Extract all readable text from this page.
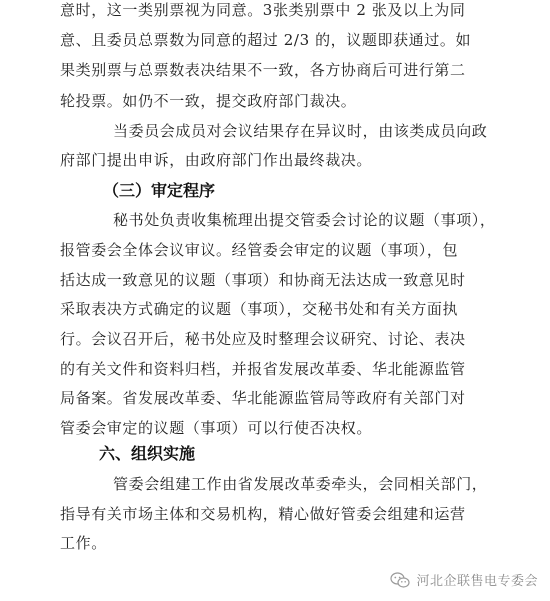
意时，这一类别票视为同意。3张类别票中 2 张及以上为同
意、且委员总票数为同意的超过 2/3 的，议题即获通过。如
果类别票与总票数表决结果不一致，各方协商后可进行第二
轮投票。如仍不一致，提交政府部门裁决。
当委员会成员对会议结果存在异议时，由该类成员向政
府部门提出申诉，由政府部门作出最终裁决。
（三）审定程序
秘书处负责收集梳理出提交管委会讨论的议题（事项），
报管委会全体会议审议。经管委会审定的议题（事项），包
括达成一致意见的议题（事项）和协商无法达成一致意见时
采取表决方式确定的议题（事项），交秘书处和有关方面执
行。会议召开后，秘书处应及时整理会议研究、讨论、表决
的有关文件和资料归档，并报省发展改革委、华北能源监管
局备案。省发展改革委、华北能源监管局等政府有关部门对
管委会审定的议题（事项）可以行使否决权。
六、组织实施
管委会组建工作由省发展改革委牵头，会同相关部门，
指导有关市场主体和交易机构，精心做好管委会组建和运营
工作。
河北企联售电专委会
